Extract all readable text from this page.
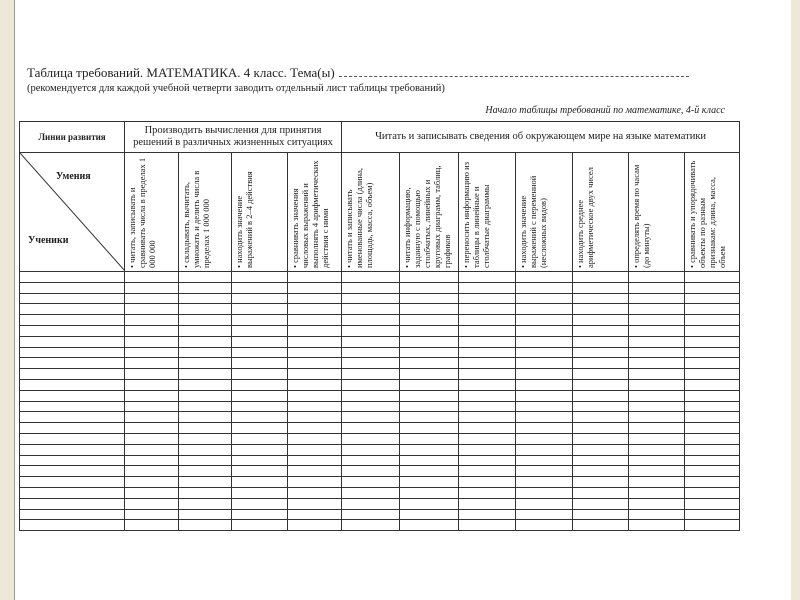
Таблица требований. МАТЕМАТИКА. 4 класс. Тема(ы)
(рекомендуется для каждой учебной четверти заводить отдельный лист таблицы требований)
Начало таблицы требований по математике, 4-й класс
Линии развития	Производить вычисления для принятия решений в различных жизненных ситуациях				Читать и записывать сведения об окружающем мире на языке математики						

Умения
Ученики	• читать, записывать и сравнивать числа в пределах 1 000 000	• складывать, вычитать, умножать и делить числа в пределах 1 000 000	• находить значение выражений в 2–4 действия	• сравнивать значения числовых выражений и выполнять 4 арифметических действия с ними	• читать и записывать именованные числа (длина, площадь, масса, объем)	• читать информацию, заданную с помощью столбчатых, линейных и круговых диаграмм, таблиц, графиков	• переносить информацию из таблицы в линейные и столбчатые диаграммы	• находить значение выражений с переменной (несложных видов)	• находить среднее арифметическое двух чисел	• определять время по часам (до минуты)	• сравнивать и упорядочивать объекты по разным признакам: длина, масса, объем
